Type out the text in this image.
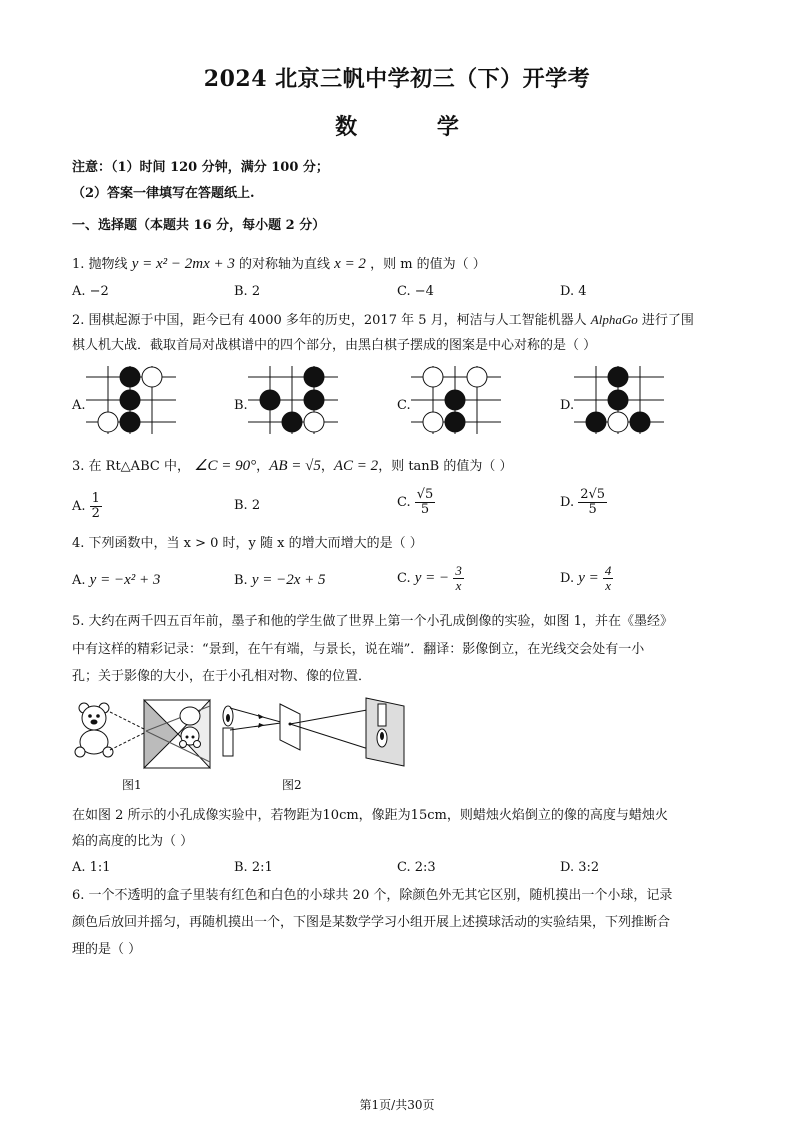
2024 北京三帆中学初三（下）开学考
数 学
注意：（1）时间 120 分钟，满分 100 分；
（2）答案一律填写在答题纸上.
一、选择题（本题共 16 分，每小题 2 分）
1. 抛物线 y = x² − 2mx + 3 的对称轴为直线 x = 2 ，则 m 的值为（ ）
A. −2	B. 2	C. −4	D. 4
2. 围棋起源于中国，距今已有 4000 多年的历史，2017 年 5 月，柯洁与人工智能机器人 AlphaGo 进行了围
棋人机大战．截取首局对战棋谱中的四个部分，由黑白棋子摆成的图案是中心对称的是（ ）
A.	B.	C.	D.
3. 在 Rt△ABC 中， ∠C = 90°，AB = √5，AC = 2，则 tanB 的值为（ ）
A. $\frac{1}{2}$	B. 2	C. $\frac{√5}{5}$	D. $\frac{2√5}{5}$
4. 下列函数中，当 x > 0 时，y 随 x 的增大而增大的是（ ）
A. y = −x² + 3	B. y = −2x + 5	C. y = − $\frac{3}{x}$	D. $y = \frac{4}{x}$
5. 大约在两千四五百年前，墨子和他的学生做了世界上第一个小孔成倒像的实验，如图 1，并在《墨经》
中有这样的精彩记录：“景到，在午有端，与景长，说在端”．翻译：影像倒立，在光线交会处有一小
孔；关于影像的大小，在于小孔相对物、像的位置．
图1	图2
在如图 2 所示的小孔成像实验中，若物距为10cm，像距为15cm，则蜡烛火焰倒立的像的高度与蜡烛火
焰的高度的比为（ ）
A. 1:1	B. 2:1	C. 2:3	D. 3:2
6. 一个不透明的盒子里装有红色和白色的小球共 20 个，除颜色外无其它区别，随机摸出一个小球，记录
颜色后放回并摇匀，再随机摸出一个，下图是某数学学习小组开展上述摸球活动的实验结果，下列推断合
理的是（ ）
第1页/共30页
